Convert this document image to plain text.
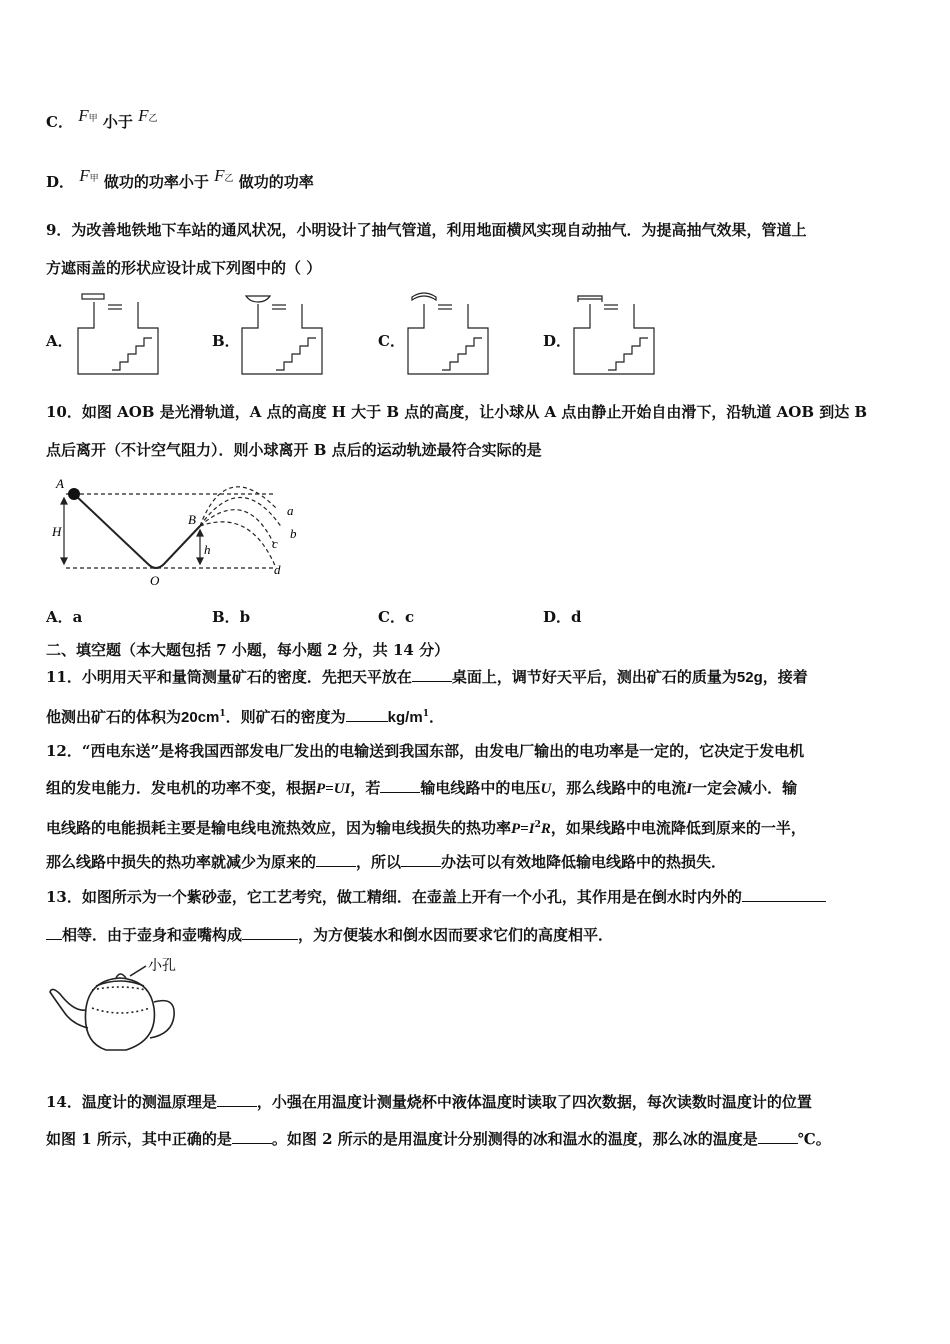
C． F甲 小于 F乙
D． F甲 做功的功率小于 F乙 做功的功率
9．为改善地铁地下车站的通风状况，小明设计了抽气管道，利用地面横风实现自动抽气．为提高抽气效果，管道上
方遮雨盖的形状应设计成下列图中的（ ）
A．	B．	C．	D．
10．如图 AOB 是光滑轨道，A 点的高度 H 大于 B 点的高度，让小球从 A 点由静止开始自由滑下，沿轨道 AOB 到达 B
点后离开（不计空气阻力）．则小球离开 B 点后的运动轨迹最符合实际的是
A
H
B
h
O
a
b
c
d
A．a	B．b	C．c	D．d
二、填空题（本大题包括 7 小题，每小题 2 分，共 14 分）
11．小明用天平和量筒测量矿石的密度．先把天平放在	桌面上，调节好天平后，测出矿石的质量为52g，接着
他测出矿石的体积为$20cm^1$．则矿石的密度为	$kg/m^1$．
12．“西电东送”是将我国西部发电厂发出的电输送到我国东部，由发电厂输出的电功率是一定的，它决定于发电机
组的发电能力．发电机的功率不变，根据P=UI，若	输电线路中的电压U，那么线路中的电流I一定会减小．输
电线路的电能损耗主要是输电线电流热效应，因为输电线损失的热功率$P=I^2R$，如果线路中电流降低到原来的一半，
那么线路中损失的热功率就减少为原来的	，所以	办法可以有效地降低输电线路中的热损失．
13．如图所示为一个紫砂壶，它工艺考究，做工精细．在壶盖上开有一个小孔，其作用是在倒水时内外的
相等．由于壶身和壶嘴构成	，为方便装水和倒水因而要求它们的高度相平．
小孔
14．温度计的测温原理是	，小强在用温度计测量烧杯中液体温度时读取了四次数据，每次读数时温度计的位置
如图 1 所示，其中正确的是	。如图 2 所示的是用温度计分别测得的冰和温水的温度，那么冰的温度是	℃。
